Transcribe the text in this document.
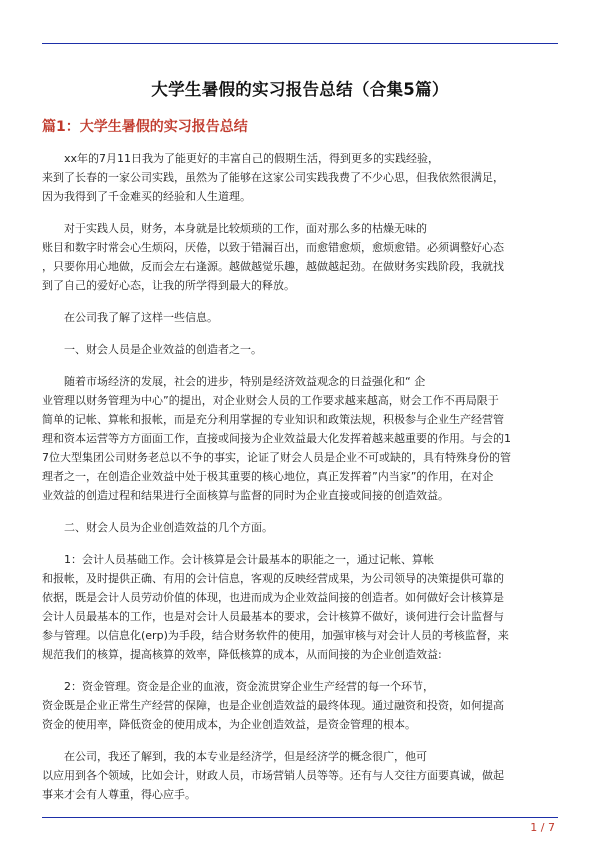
大学生暑假的实习报告总结（合集5篇）
篇1：大学生暑假的实习报告总结
xx年的7月11日我为了能更好的丰富自己的假期生活，得到更多的实践经验，
来到了长春的一家公司实践，虽然为了能够在这家公司实践我费了不少心思，但我依然很满足，
因为我得到了千金难买的经验和人生道理。
对于实践人员，财务，本身就是比较烦琐的工作，面对那么多的枯燥无味的
账目和数字时常会心生烦闷，厌倦，以致于错漏百出，而愈错愈烦，愈烦愈错。必须调整好心态
，只要你用心地做，反而会左右逢源。越做越觉乐趣，越做越起劲。在做财务实践阶段，我就找
到了自己的爱好心态，让我的所学得到最大的释放。
在公司我了解了这样一些信息。
一、财会人员是企业效益的创造者之一。
随着市场经济的发展，社会的进步，特别是经济效益观念的日益强化和“ 企
业管理以财务管理为中心”的提出，对企业财会人员的工作要求越来越高，财会工作不再局限于
简单的记帐、算帐和报帐，而是充分利用掌握的专业知识和政策法规，积极参与企业生产经营管
理和资本运营等方方面面工作，直接或间接为企业效益最大化发挥着越来越重要的作用。与会的1
7位大型集团公司财务老总以不争的事实，论证了财会人员是企业不可或缺的，具有特殊身份的管
理者之一，在创造企业效益中处于极其重要的核心地位，真正发挥着”内当家”的作用，在对企
业效益的创造过程和结果进行全面核算与监督的同时为企业直接或间接的创造效益。
二、财会人员为企业创造效益的几个方面。
1：会计人员基础工作。会计核算是会计最基本的职能之一，通过记帐、算帐
和报帐，及时提供正确、有用的会计信息，客观的反映经营成果，为公司领导的决策提供可靠的
依据，既是会计人员劳动价值的体现，也进而成为企业效益间接的创造者。如何做好会计核算是
会计人员最基本的工作，也是对会计人员最基本的要求，会计核算不做好，谈何进行会计监督与
参与管理。以信息化(erp)为手段，结合财务软件的使用，加强审核与对会计人员的考核监督，来
规范我们的核算，提高核算的效率，降低核算的成本，从而间接的为企业创造效益:
2：资金管理。资金是企业的血液，资金流贯穿企业生产经营的每一个环节，
资金既是企业正常生产经营的保障，也是企业创造效益的最终体现。通过融资和投资，如何提高
资金的使用率，降低资金的使用成本，为企业创造效益，是资金管理的根本。
在公司，我还了解到，我的本专业是经济学，但是经济学的概念很广，他可
以应用到各个领域，比如会计，财政人员，市场营销人员等等。还有与人交往方面要真诚，做起
事来才会有人尊重，得心应手。
1 / 7
